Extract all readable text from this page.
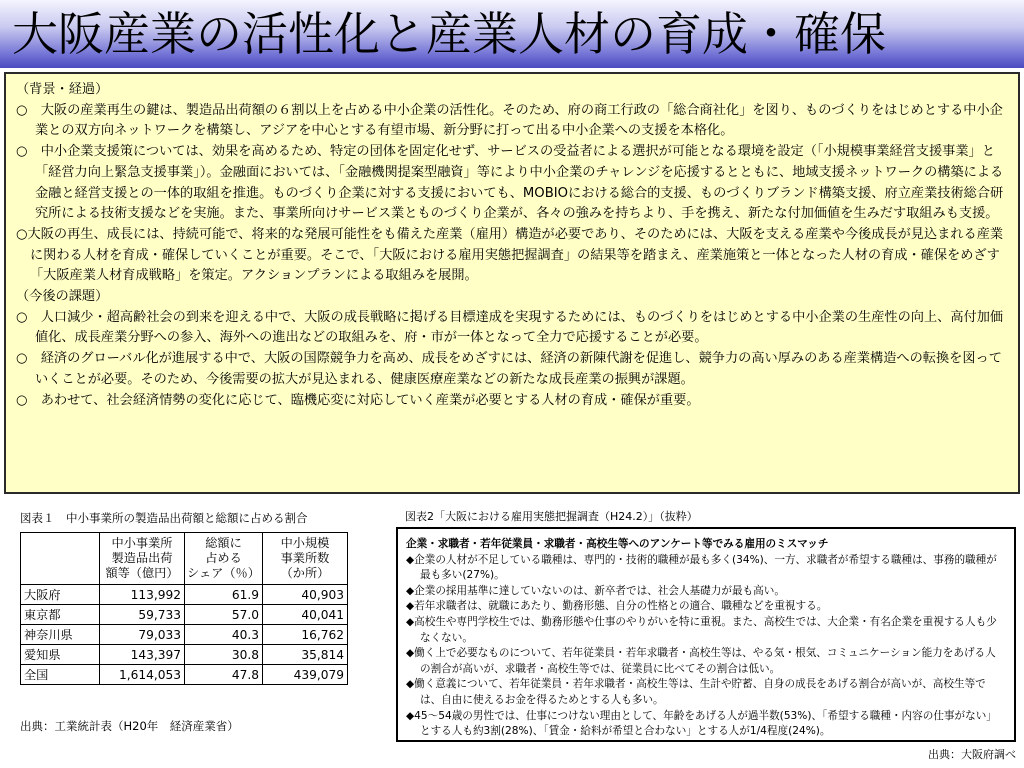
大阪産業の活性化と産業人材の育成・確保

（背景・経過）

○　大阪の産業再生の鍵は、製造品出荷額の６割以上を占める中小企業の活性化。そのため、府の商工行政の「総合商社化」を図り、ものづくりをはじめとする中小企業との双方向ネットワークを構築し、アジアを中心とする有望市場、新分野に打って出る中小企業への支援を本格化。

○　中小企業支援策については、効果を高めるため、特定の団体を固定化せず、サービスの受益者による選択が可能となる環境を設定（「小規模事業経営支援事業」と「経営力向上緊急支援事業」）。金融面においては、「金融機関提案型融資」等により中小企業のチャレンジを応援するとともに、地域支援ネットワークの構築による金融と経営支援との一体的取組を推進。ものづくり企業に対する支援においても、MOBIOにおける総合的支援、ものづくりブランド構築支援、府立産業技術総合研究所による技術支援などを実施。また、事業所向けサービス業とものづくり企業が、各々の強みを持ちより、手を携え、新たな付加価値を生みだす取組みも支援。

○大阪の再生、成長には、持続可能で、将来的な発展可能性をも備えた産業（雇用）構造が必要であり、そのためには、大阪を支える産業や今後成長が見込まれる産業に関わる人材を育成・確保していくことが重要。そこで、「大阪における雇用実態把握調査」の結果等を踏まえ、産業施策と一体となった人材の育成・確保をめざす「大阪産業人材育成戦略」を策定。アクションプランによる取組みを展開。

（今後の課題）

○　人口減少・超高齢社会の到来を迎える中で、大阪の成長戦略に掲げる目標達成を実現するためには、ものづくりをはじめとする中小企業の生産性の向上、高付加価値化、成長産業分野への参入、海外への進出などの取組みを、府・市が一体となって全力で応援することが必要。

○　経済のグローバル化が進展する中で、大阪の国際競争力を高め、成長をめざすには、経済の新陳代謝を促進し、競争力の高い厚みのある産業構造への転換を図っていくことが必要。そのため、今後需要の拡大が見込まれる、健康医療産業などの新たな成長産業の振興が課題。

○　あわせて、社会経済情勢の変化に応じて、臨機応変に対応していく産業が必要とする人材の育成・確保が重要。

図表１　中小事業所の製造品出荷額と総額に占める割合
	中小事業所
製造品出荷
額等（億円）	総額に
占める
シェア（％）	中小規模
事業所数
（か所）
大阪府	113,992	61.9	40,903
東京都	59,733	57.0	40,041
神奈川県	79,033	40.3	16,762
愛知県	143,397	30.8	35,814
全国	1,614,053	47.8	439,079
出典：工業統計表（H20年　経済産業省）
図表2「大阪における雇用実態把握調査（H24.2）」（抜粋）

企業・求職者・若年従業員・求職者・高校生等へのアンケート等でみる雇用のミスマッチ

◆企業の人材が不足している職種は、専門的・技術的職種が最も多く(34%)、一方、求職者が希望する職種は、事務的職種が最も多い(27%)。

◆企業の採用基準に達していないのは、新卒者では、社会人基礎力が最も高い。

◆若年求職者は、就職にあたり、勤務形態、自分の性格との適合、職種などを重視する。

◆高校生や専門学校生では、勤務形態や仕事のやりがいを特に重視。また、高校生では、大企業・有名企業を重視する人も少なくない。

◆働く上で必要なものについて、若年従業員・若年求職者・高校生等は、やる気・根気、コミュニケーション能力をあげる人の割合が高いが、求職者・高校生等では、従業員に比べてその割合は低い。

◆働く意義について、若年従業員・若年求職者・高校生等は、生計や貯蓄、自身の成長をあげる割合が高いが、高校生等では、自由に使えるお金を得るためとする人も多い。

◆45～54歳の男性では、仕事につけない理由として、年齢をあげる人が過半数(53%)、「希望する職種・内容の仕事がない」とする人も約3割(28%)、「賃金・給料が希望と合わない」とする人が1/4程度(24%)。

出典：大阪府調べ
